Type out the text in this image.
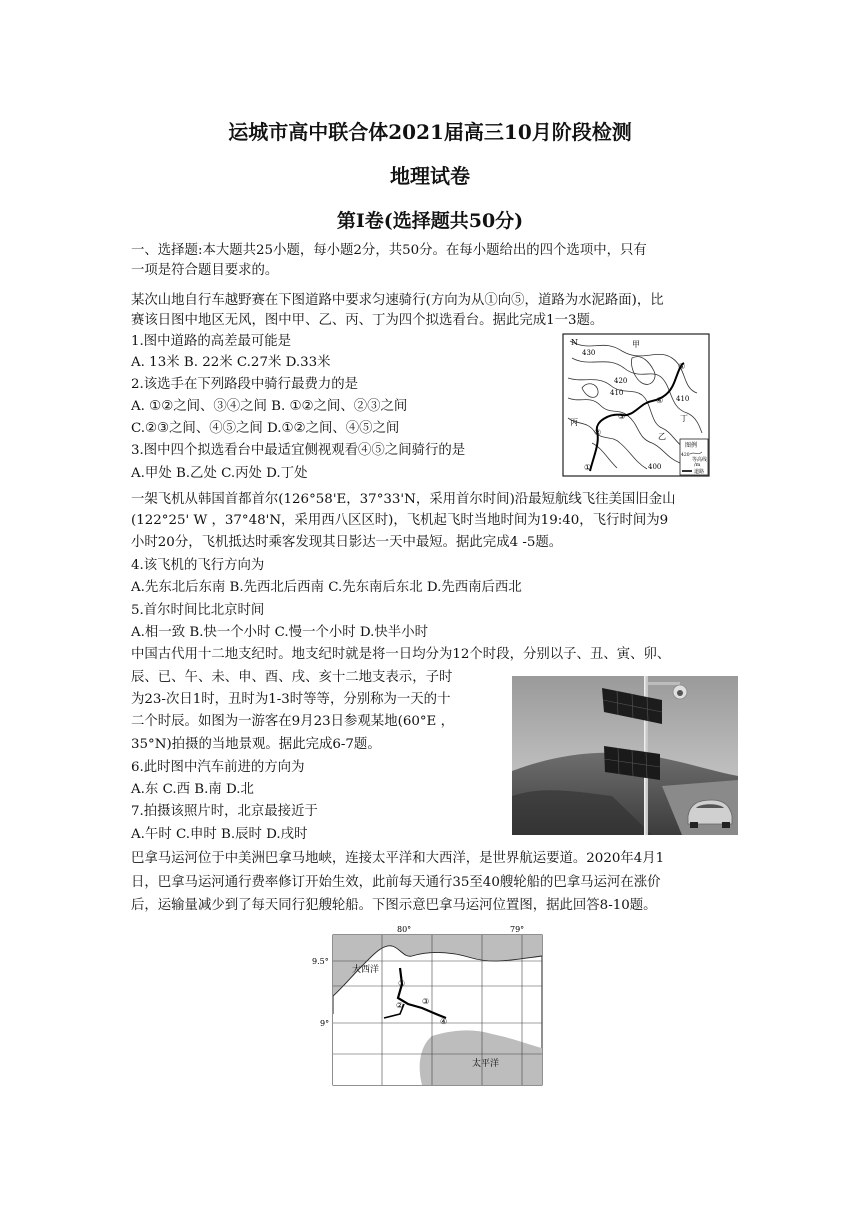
运城市高中联合体2021届高三10月阶段检测
地理试卷
第I卷(选择题共50分)
一、选择题:本大题共25小题，每小题2分，共50分。在每小题给出的四个选项中，只有
一项是符合题目要求的。
某次山地自行车越野赛在下图道路中要求匀速骑行(方向为从①向⑤，道路为水泥路面)，比
赛该日图中地区无风，图中甲、乙、丙、丁为四个拟选看台。据此完成1一3题。
1.图中道路的高差最可能是
A. 13米 B. 22米 C.27米 D.33米
2.该选手在下列路段中骑行最费力的是
A. ①②之间、③④之间 B. ①②之间、②③之间
C.②③之间、④⑤之间 D.①②之间、④⑤之间
3.图中四个拟选看台中最适宜侧视观看④⑤之间骑行的是
A.甲处 B.乙处 C.丙处 D.丁处
一架飞机从韩国首都首尔(126°58'E，37°33'N，采用首尔时间)沿最短航线飞往美国旧金山
(122°25' W ，37°48'N，采用西八区区时)，飞机起飞时当地时间为19:40，飞行时间为9
小时20分，飞机抵达时乘客发现其日影达一天中最短。据此完成4 -5题。
4.该飞机的飞行方向为
A.先东北后东南 B.先西北后西南 C.先东南后东北 D.先西南后西北
5.首尔时间比北京时间
A.相一致 B.快一个小时 C.慢一个小时 D.快半小时
中国古代用十二地支纪时。地支纪时就是将一日均分为12个时段，分别以子、丑、寅、卯、
辰、已、午、未、申、酉、戌、亥十二地支表示，子时
为23-次日1时，丑时为1-3时等等，分别称为一天的十
二个时辰。如图为一游客在9月23日参观某地(60°E ，
35°N)拍摄的当地景观。据此完成6-7题。
6.此时图中汽车前进的方向为
A.东 C.西 B.南 D.北
7.拍摄该照片时，北京最接近于
A.午时 C.申时 B.辰时 D.戌时
巴拿马运河位于中美洲巴拿马地峡，连接太平洋和大西洋，是世界航运要道。2020年4月1
日，巴拿马运河通行费率修订开始生效，此前每天通行35至40艘轮船的巴拿马运河在涨价
后，运输量减少到了每天同行犯艘轮船。下图示意巴拿马运河位置图，据此回答8-10题。
N
430
420
410
410
400
甲
乙
丙	丁
①
②
③
④
⑤
图例
420
等高线
/m
道路
80°	79°
9.5°
9°
大西洋
太平洋
①
② ③
④
